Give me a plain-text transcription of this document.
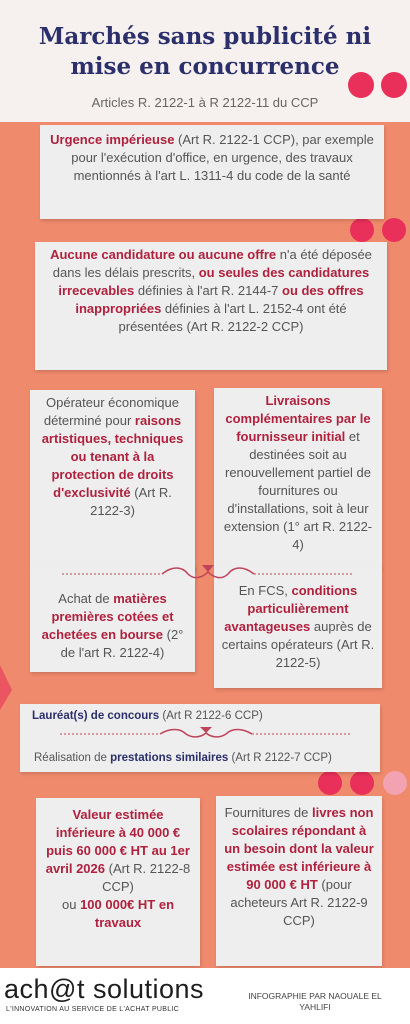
Marchés sans publicité ni mise en concurrence

Articles R. 2122-1 à R 2122-11 du CCP

Urgence impérieuse (Art R. 2122-1 CCP), par exemple pour l'exécution d'office, en urgence, des travaux mentionnés à l'art L. 1311-4 du code de la santé
Aucune candidature ou aucune offre n'a été déposée dans les délais prescrits, ou seules des candidatures irrecevables définies à l'art R. 2144-7 ou des offres inappropriées définies à l'art L. 2152-4 ont été présentées (Art R. 2122-2 CCP)
Opérateur économique déterminé pour raisons artistiques, techniques ou tenant à la protection de droits d'exclusivité (Art R. 2122-3)
Livraisons complémentaires par le fournisseur initial et destinées soit au renouvellement partiel de fournitures ou d'installations, soit à leur extension (1° art R. 2122-4)
Achat de matières premières cotées et achetées en bourse (2° de l'art R. 2122-4)
En FCS, conditions particulièrement avantageuses auprès de certains opérateurs (Art R. 2122-5)
Lauréat(s) de concours (Art R 2122-6 CCP)
Réalisation de prestations similaires (Art R 2122-7 CCP)
Valeur estimée inférieure à 40 000 € puis 60 000 € HT au 1er avril 2026 (Art R. 2122-8 CCP)
ou 100 000€ HT en travaux
Fournitures de livres non scolaires répondant à un besoin dont la valeur estimée est inférieure à 90 000 € HT (pour acheteurs Art R. 2122-9 CCP)

ach@t solutions

L'INNOVATION AU SERVICE DE L'ACHAT PUBLIC

INFOGRAPHIE PAR NAOUALE EL YAHLIFI
